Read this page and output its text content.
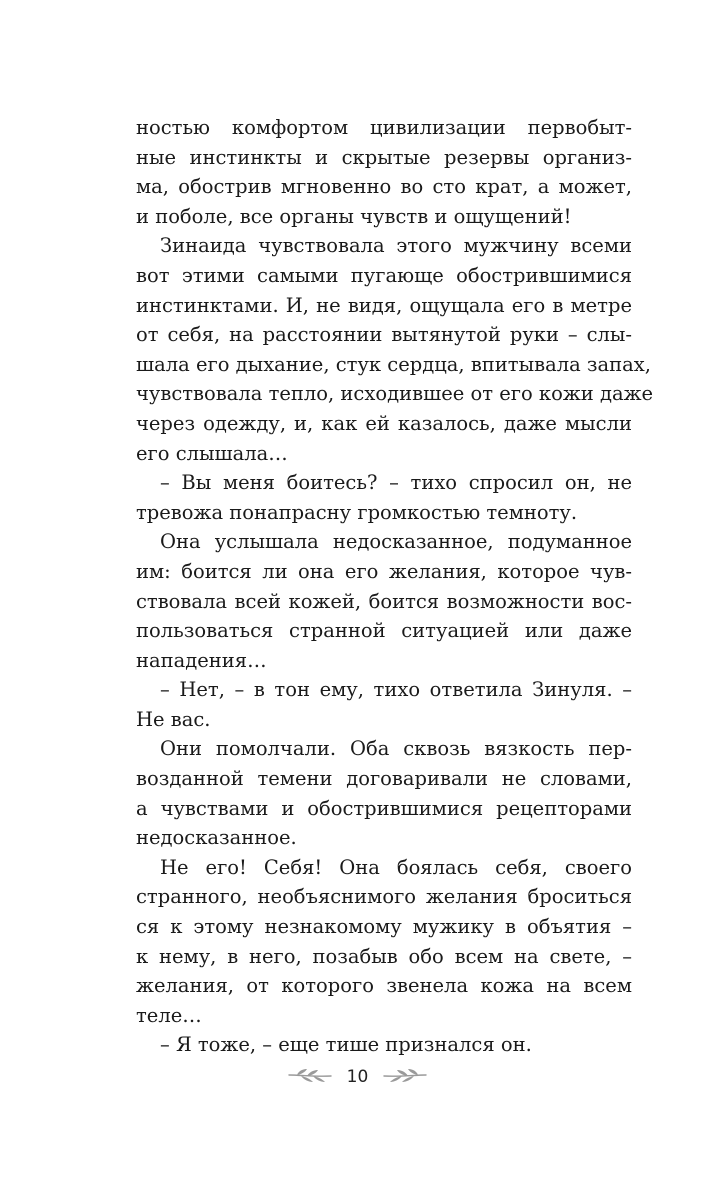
ностью комфортом цивилизации первобыт-
ные инстинкты и скрытые резервы организ-
ма, обострив мгновенно во сто крат, а может,
и поболе, все органы чувств и ощущений!

Зинаида чувствовала этого мужчину всеми
вот этими самыми пугающе обострившимися
инстинктами. И, не видя, ощущала его в метре
от себя, на расстоянии вытянутой руки – слы-
шала его дыхание, стук сердца, впитывала запах,
чувствовала тепло, исходившее от его кожи даже
через одежду, и, как ей казалось, даже мысли
его слышала…

– Вы меня боитесь? – тихо спросил он, не
тревожа понапрасну громкостью темноту.

Она услышала недосказанное, подуманное
им: боится ли она его желания, которое чув-
ствовала всей кожей, боится возможности вос-
пользоваться странной ситуацией или даже
нападения…

– Нет, – в тон ему, тихо ответила Зинуля. –
Не вас.

Они помолчали. Оба сквозь вязкость пер-
возданной темени договаривали не словами,
а чувствами и обострившимися рецепторами
недосказанное.

Не его! Себя! Она боялась себя, своего
странного, необъяснимого желания броситься
ся к этому незнакомому мужику в объятия –
к нему, в него, позабыв обо всем на свете, –
желания, от которого звенела кожа на всем
теле…

– Я тоже, – еще тише признался он.

10
